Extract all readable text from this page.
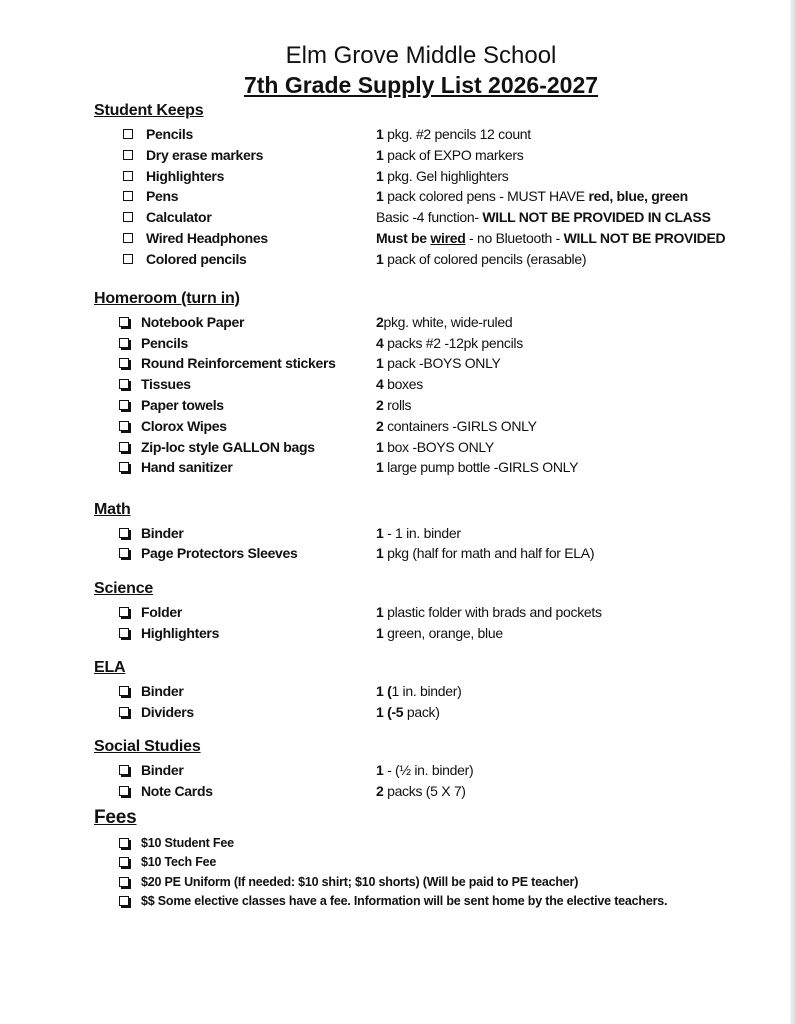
Elm Grove Middle School
7th Grade Supply List 2026-2027
Student Keeps
Pencils	1 pkg. #2 pencils 12 count
Dry erase markers	1 pack of EXPO markers
Highlighters	1 pkg. Gel highlighters
Pens	1 pack colored pens - MUST HAVE red, blue, green
Calculator	Basic -4 function- WILL NOT BE PROVIDED IN CLASS
Wired Headphones	Must be wired - no Bluetooth - WILL NOT BE PROVIDED
Colored pencils	1 pack of colored pencils (erasable)
Homeroom (turn in)
Notebook Paper	2pkg. white, wide-ruled
Pencils	4 packs #2 -12pk pencils
Round Reinforcement stickers	1 pack -BOYS ONLY
Tissues	4 boxes
Paper towels	2 rolls
Clorox Wipes	2 containers -GIRLS ONLY
Zip-loc style GALLON bags	1 box -BOYS ONLY
Hand sanitizer	1 large pump bottle -GIRLS ONLY
Math
Binder	1 - 1 in. binder
Page Protectors Sleeves	1 pkg (half for math and half for ELA)
Science
Folder	1 plastic folder with brads and pockets
Highlighters	1 green, orange, blue
ELA
Binder	1 (1 in. binder)
Dividers	1 (-5 pack)
Social Studies
Binder	1 - (½ in. binder)
Note Cards	2 packs (5 X 7)
Fees
$10 Student Fee
$10 Tech Fee
$20 PE Uniform (If needed: $10 shirt; $10 shorts) (Will be paid to PE teacher)
$$ Some elective classes have a fee. Information will be sent home by the elective teachers.
